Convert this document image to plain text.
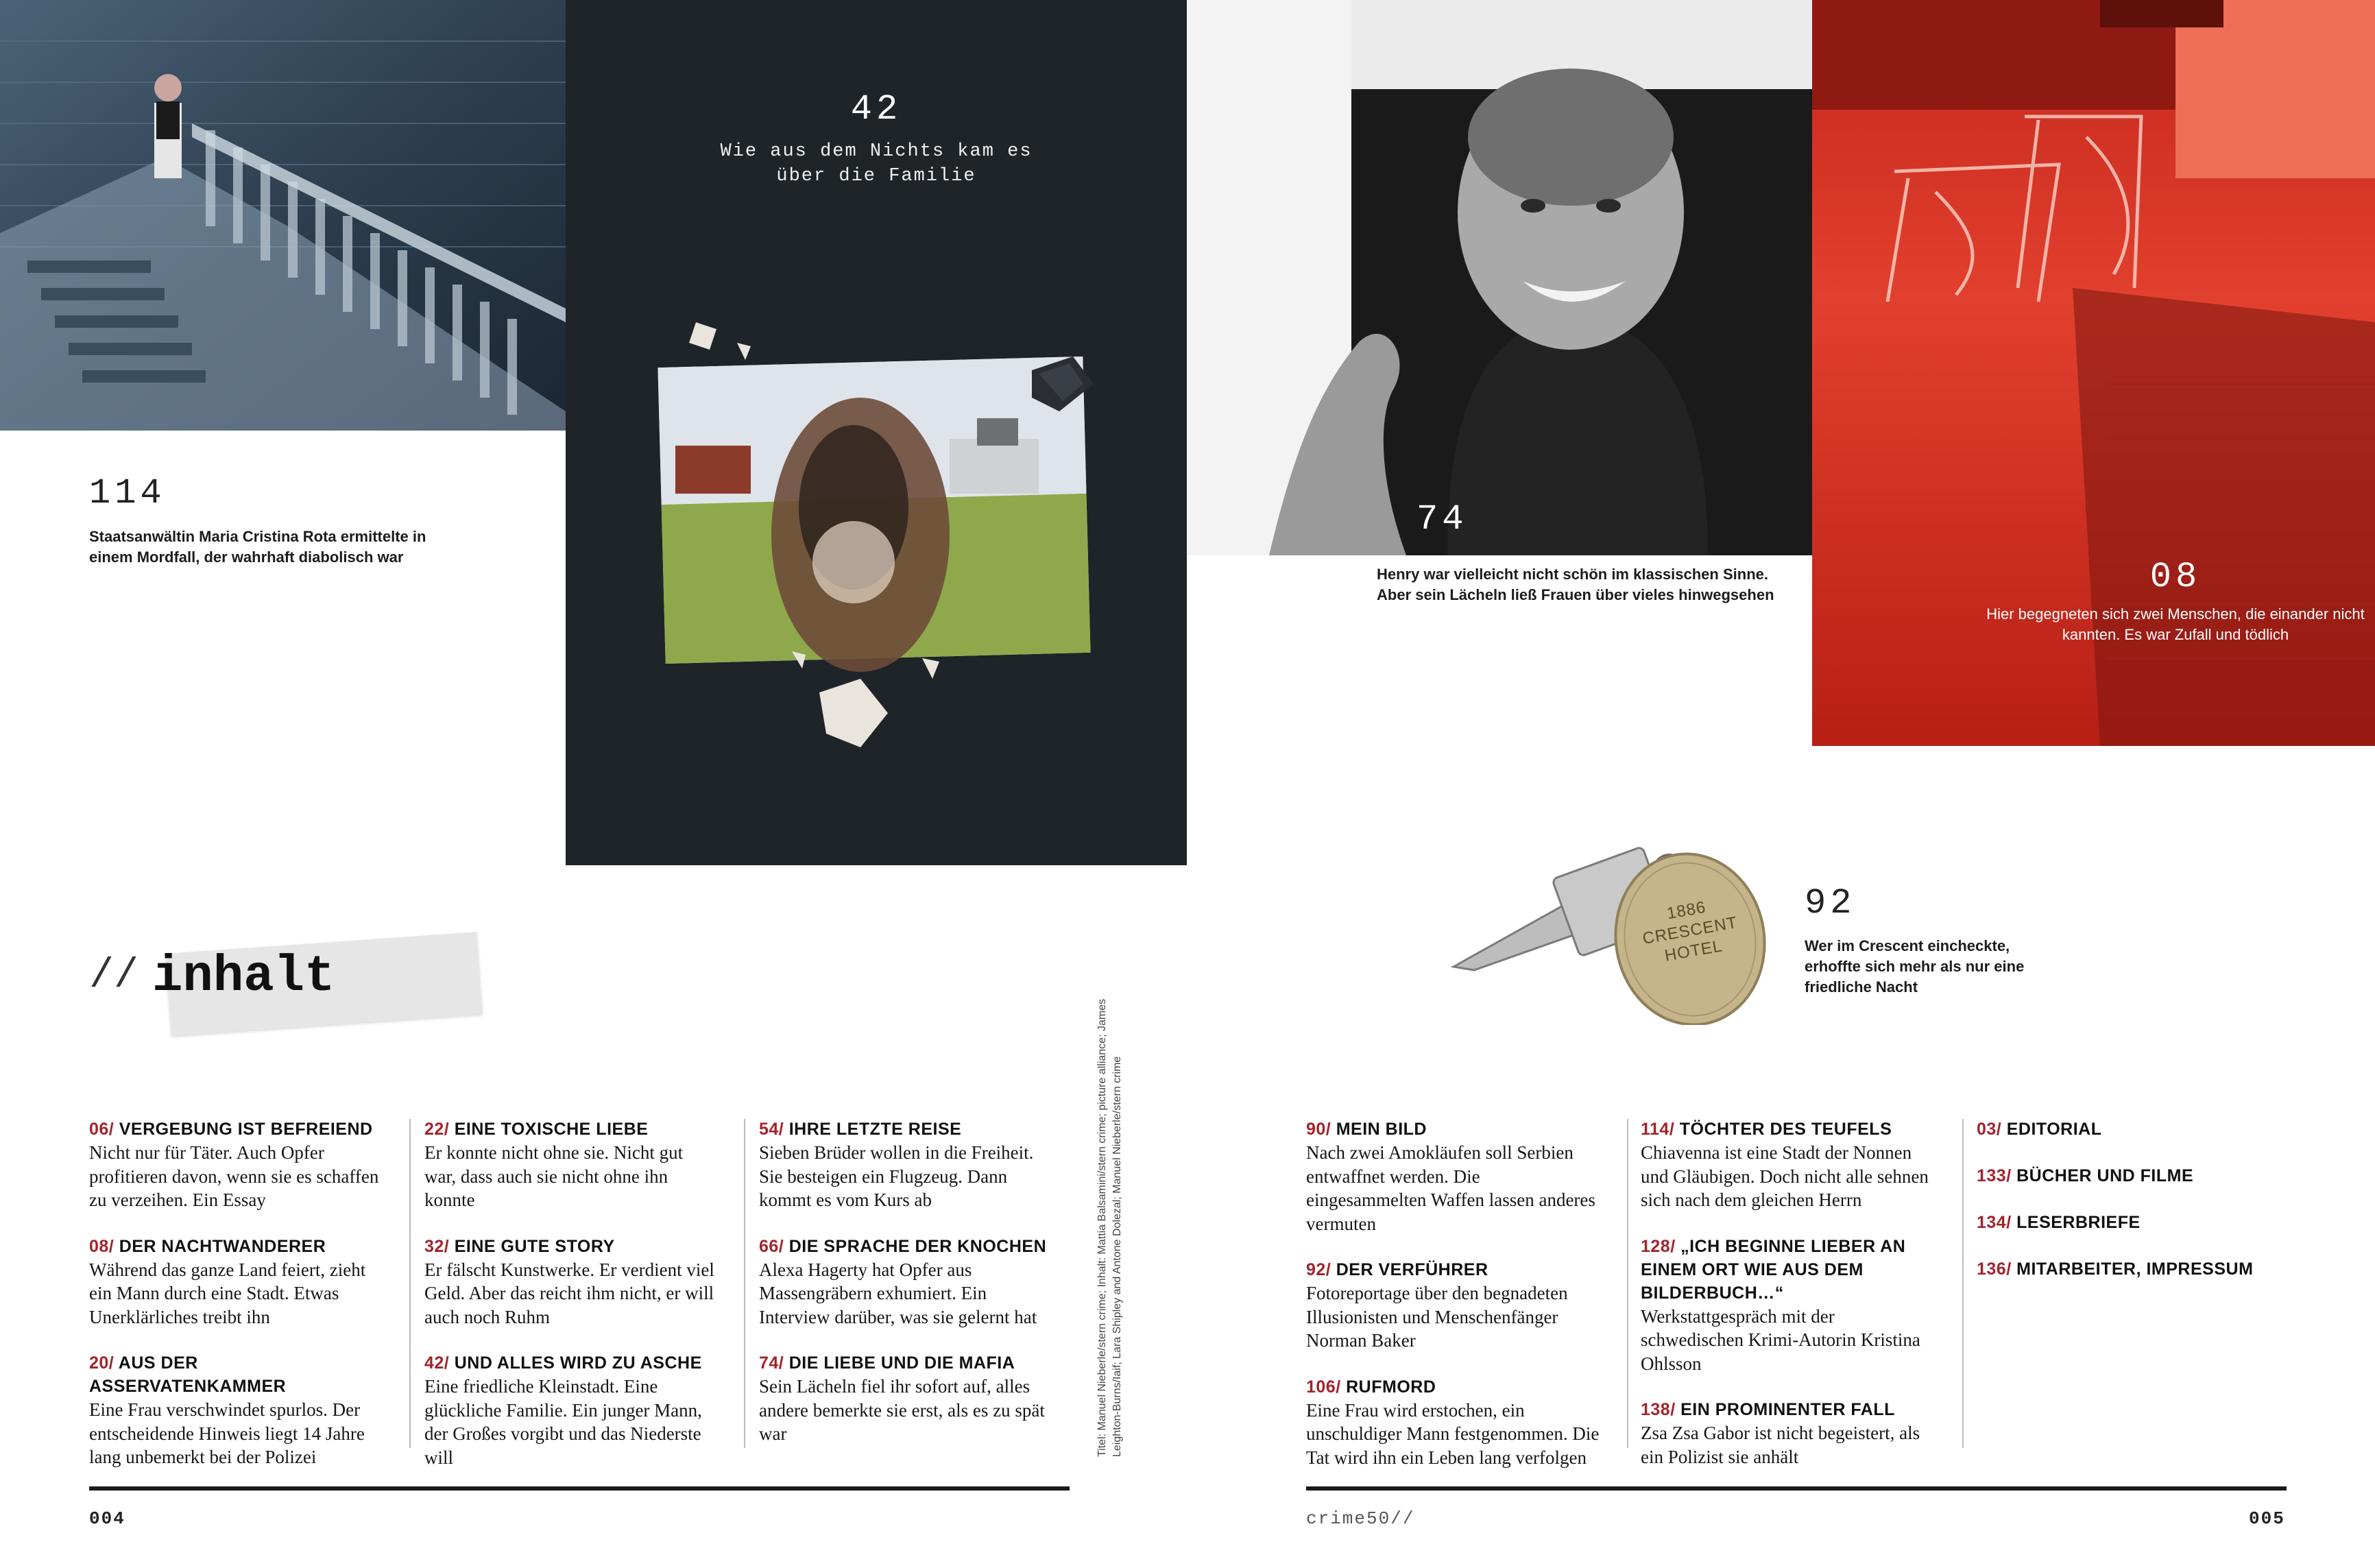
42
Wie aus dem Nichts kam es über die Familie
74
Henry war vielleicht nicht schön im klassischen Sinne. Aber sein Lächeln ließ Frauen über vieles hinwegsehen	08
Hier begegneten sich zwei Menschen, die einander nicht kannten. Es war Zufall und tödlich
114
Staatsanwältin Maria Cristina Rota ermittelte in einem Mordfall, der wahrhaft diabolisch war
1886 CRESCENT HOTEL
92
Wer im Crescent eincheckte, erhoffte sich mehr als nur eine friedliche Nacht
// inhalt
Titel: Manuel Nieberle/stern crime; Inhalt: Mattia Balsamini/stern crime; picture alliance; James Leighton-Burns/Iaif; Lara Shipley and Antone Dolezal; Manuel Nieberle/stern crime
06/ VERGEBUNG IST BEFREIEND
Nicht nur für Täter. Auch Opfer profitieren davon, wenn sie es schaffen zu verzeihen. Ein Essay
08/ DER NACHTWANDERER
Während das ganze Land feiert, zieht ein Mann durch eine Stadt. Etwas Unerklärliches treibt ihn
20/ AUS DER ASSERVATENKAMMER
Eine Frau verschwindet spurlos. Der entscheidende Hinweis liegt 14 Jahre lang unbemerkt bei der Polizei
22/ EINE TOXISCHE LIEBE
Er konnte nicht ohne sie. Nicht gut war, dass auch sie nicht ohne ihn konnte
32/ EINE GUTE STORY
Er fälscht Kunstwerke. Er verdient viel Geld. Aber das reicht ihm nicht, er will auch noch Ruhm
42/ UND ALLES WIRD ZU ASCHE
Eine friedliche Kleinstadt. Eine glückliche Familie. Ein junger Mann, der Großes vorgibt und das Niederste will
54/ IHRE LETZTE REISE
Sieben Brüder wollen in die Freiheit. Sie besteigen ein Flugzeug. Dann kommt es vom Kurs ab
66/ DIE SPRACHE DER KNOCHEN
Alexa Hagerty hat Opfer aus Massengräbern exhumiert. Ein Interview darüber, was sie gelernt hat
74/ DIE LIEBE UND DIE MAFIA
Sein Lächeln fiel ihr sofort auf, alles andere bemerkte sie erst, als es zu spät war
90/ MEIN BILD
Nach zwei Amokläufen soll Serbien entwaffnet werden. Die eingesammelten Waffen lassen anderes vermuten
92/ DER VERFÜHRER
Fotoreportage über den begnadeten Illusionisten und Menschenfänger Norman Baker
106/ RUFMORD
Eine Frau wird erstochen, ein unschuldiger Mann festgenommen. Die Tat wird ihn ein Leben lang verfolgen
114/ TÖCHTER DES TEUFELS
Chiavenna ist eine Stadt der Nonnen und Gläubigen. Doch nicht alle sehnen sich nach dem gleichen Herrn
128/ „ICH BEGINNE LIEBER AN EINEM ORT WIE AUS DEM BILDERBUCH…“
Werkstattgespräch mit der schwedischen Krimi-Autorin Kristina Ohlsson
138/ EIN PROMINENTER FALL
Zsa Zsa Gabor ist nicht begeistert, als ein Polizist sie anhält
03/ EDITORIAL
133/ BÜCHER UND FILME
134/ LESERBRIEFE
136/ MITARBEITER, IMPRESSUM
004	crime50//	005
